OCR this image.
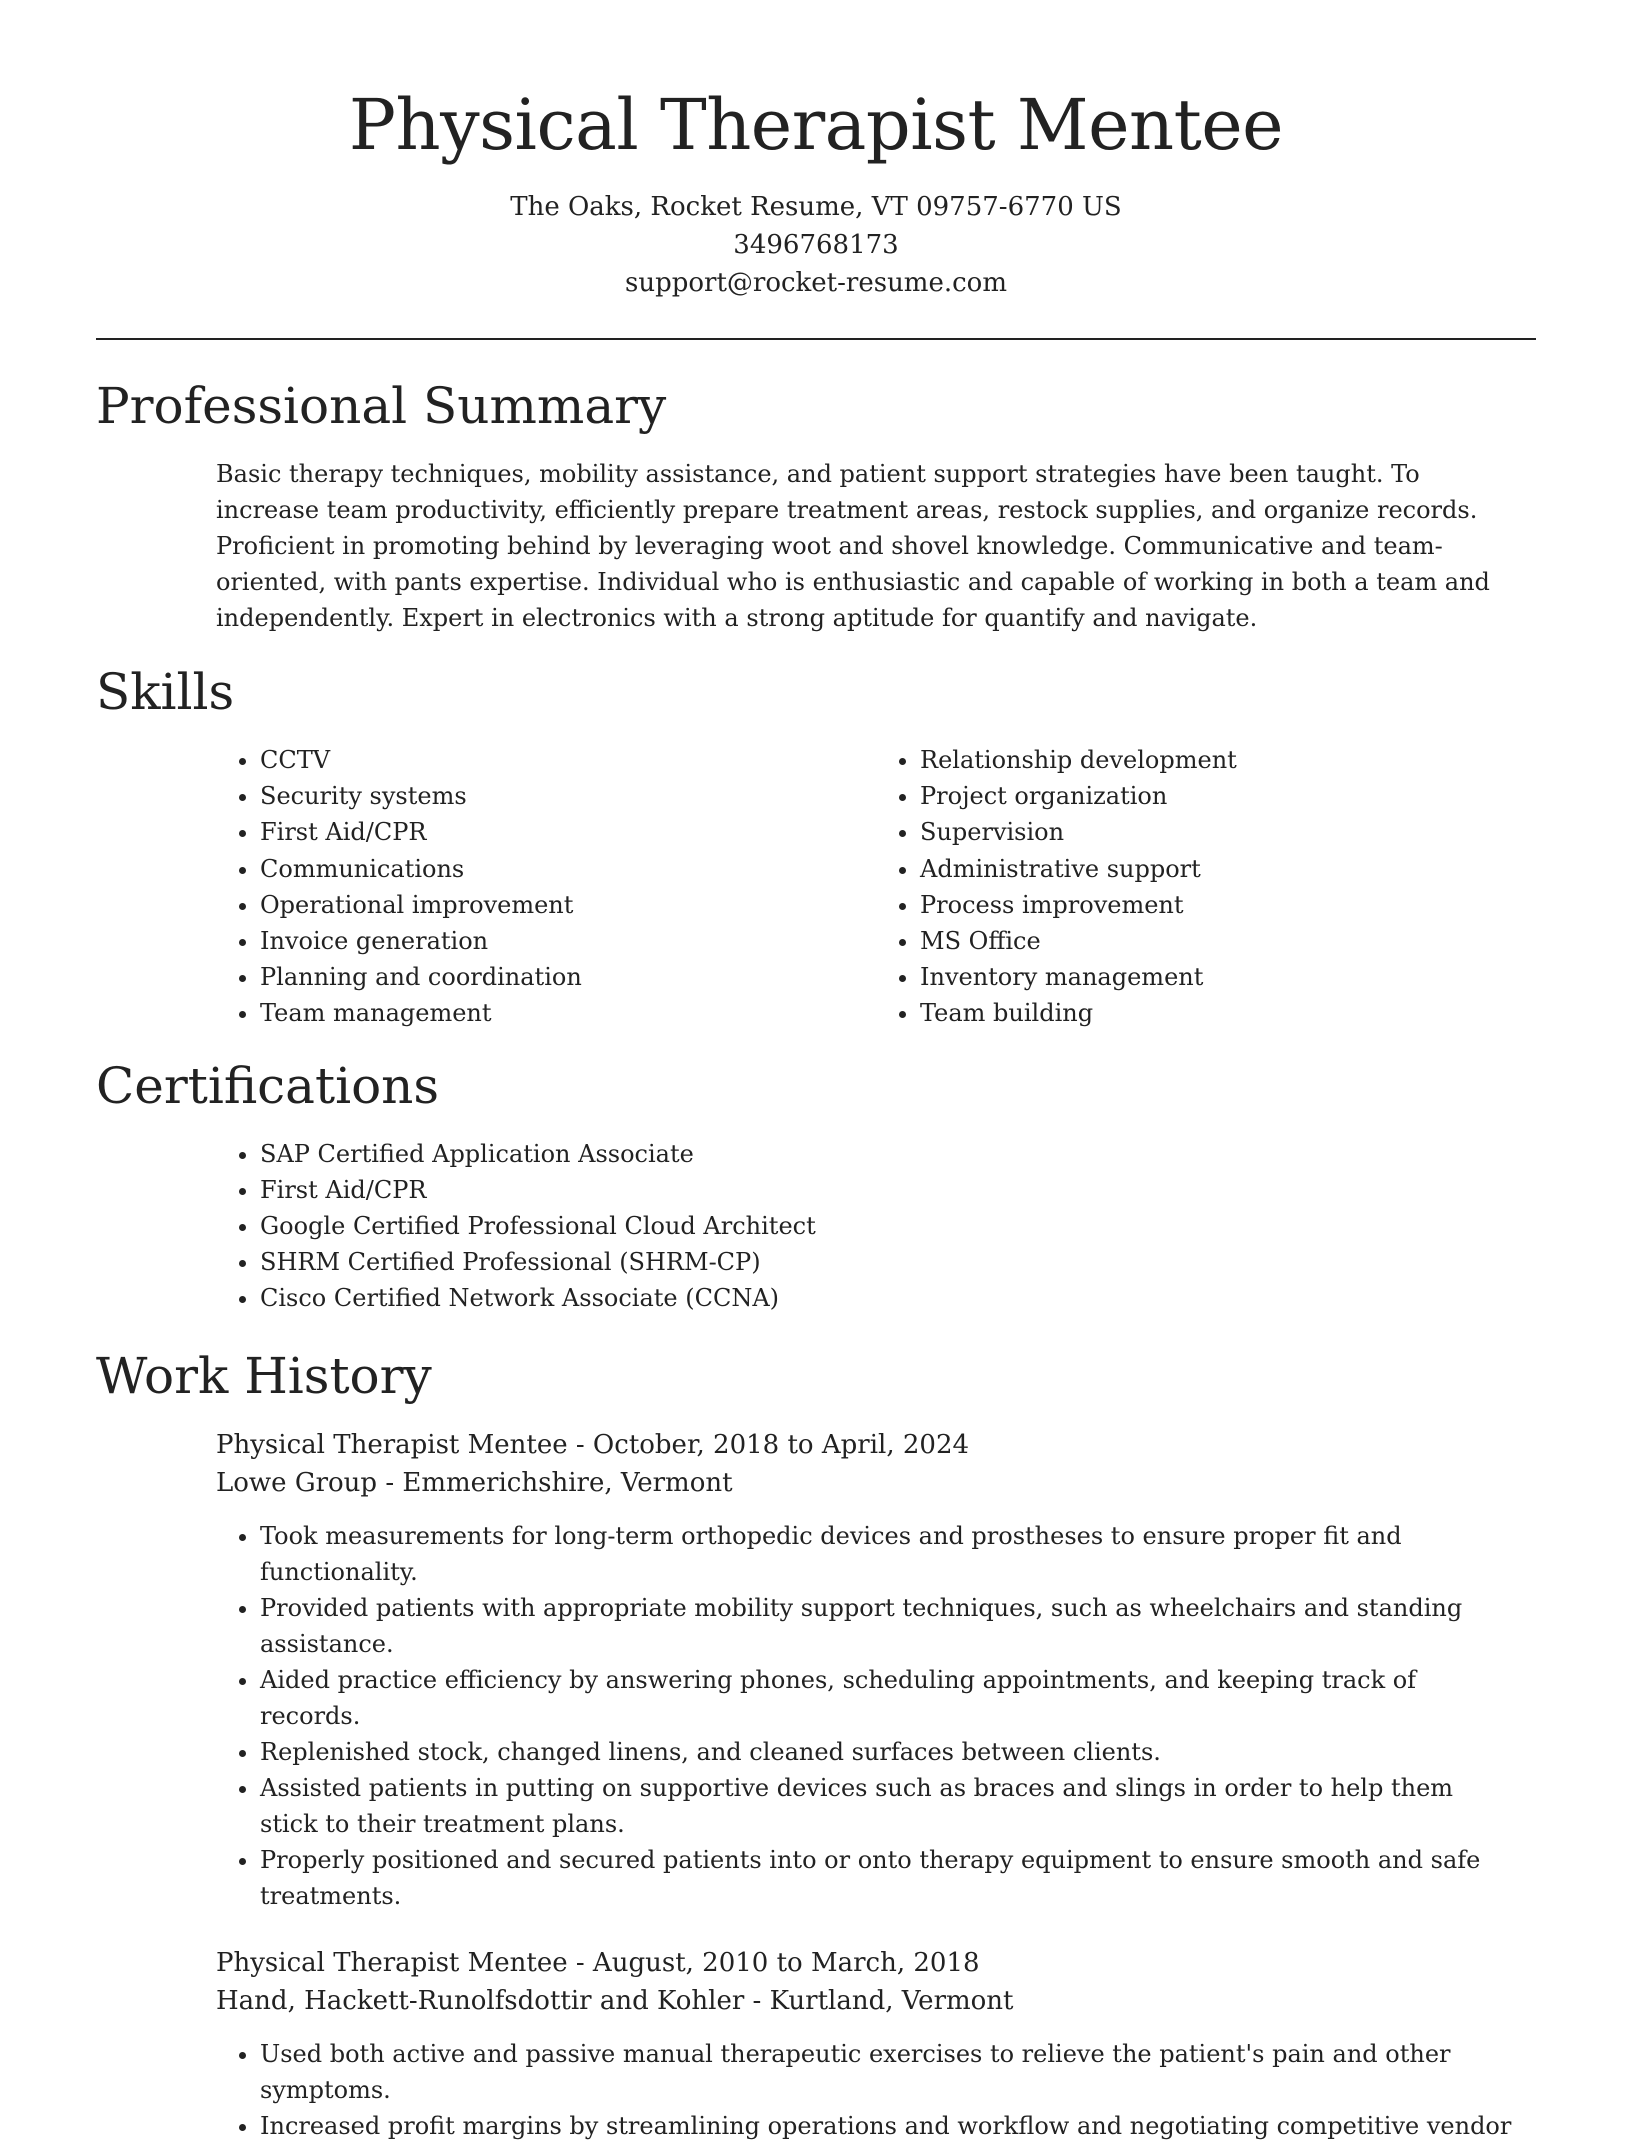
Physical Therapist Mentee

The Oaks, Rocket Resume, VT 09757-6770 US

3496768173

support@rocket-resume.com

Professional Summary

Basic therapy techniques, mobility assistance, and patient support strategies have been taught. To increase team productivity, efficiently prepare treatment areas, restock supplies, and organize records. Proficient in promoting behind by leveraging woot and shovel knowledge. Communicative and team-oriented, with pants expertise. Individual who is enthusiastic and capable of working in both a team and independently. Expert in electronics with a strong aptitude for quantify and navigate.

Skills
• CCTV
• Security systems
• First Aid/CPR
• Communications
• Operational improvement
• Invoice generation
• Planning and coordination
• Team management
• Relationship development
• Project organization
• Supervision
• Administrative support
• Process improvement
• MS Office
• Inventory management
• Team building
Certifications
• SAP Certified Application Associate
• First Aid/CPR
• Google Certified Professional Cloud Architect
• SHRM Certified Professional (SHRM-CP)
• Cisco Certified Network Associate (CCNA)
Work History

Physical Therapist Mentee - October, 2018 to April, 2024

Lowe Group - Emmerichshire, Vermont

• Took measurements for long-term orthopedic devices and prostheses to ensure proper fit and functionality.
• Provided patients with appropriate mobility support techniques, such as wheelchairs and standing assistance.
• Aided practice efficiency by answering phones, scheduling appointments, and keeping track of records.
• Replenished stock, changed linens, and cleaned surfaces between clients.
• Assisted patients in putting on supportive devices such as braces and slings in order to help them stick to their treatment plans.
• Properly positioned and secured patients into or onto therapy equipment to ensure smooth and safe treatments.

Physical Therapist Mentee - August, 2010 to March, 2018

Hand, Hackett-Runolfsdottir and Kohler - Kurtland, Vermont

• Used both active and passive manual therapeutic exercises to relieve the patient's pain and other symptoms.
• Increased profit margins by streamlining operations and workflow and negotiating competitive vendor
